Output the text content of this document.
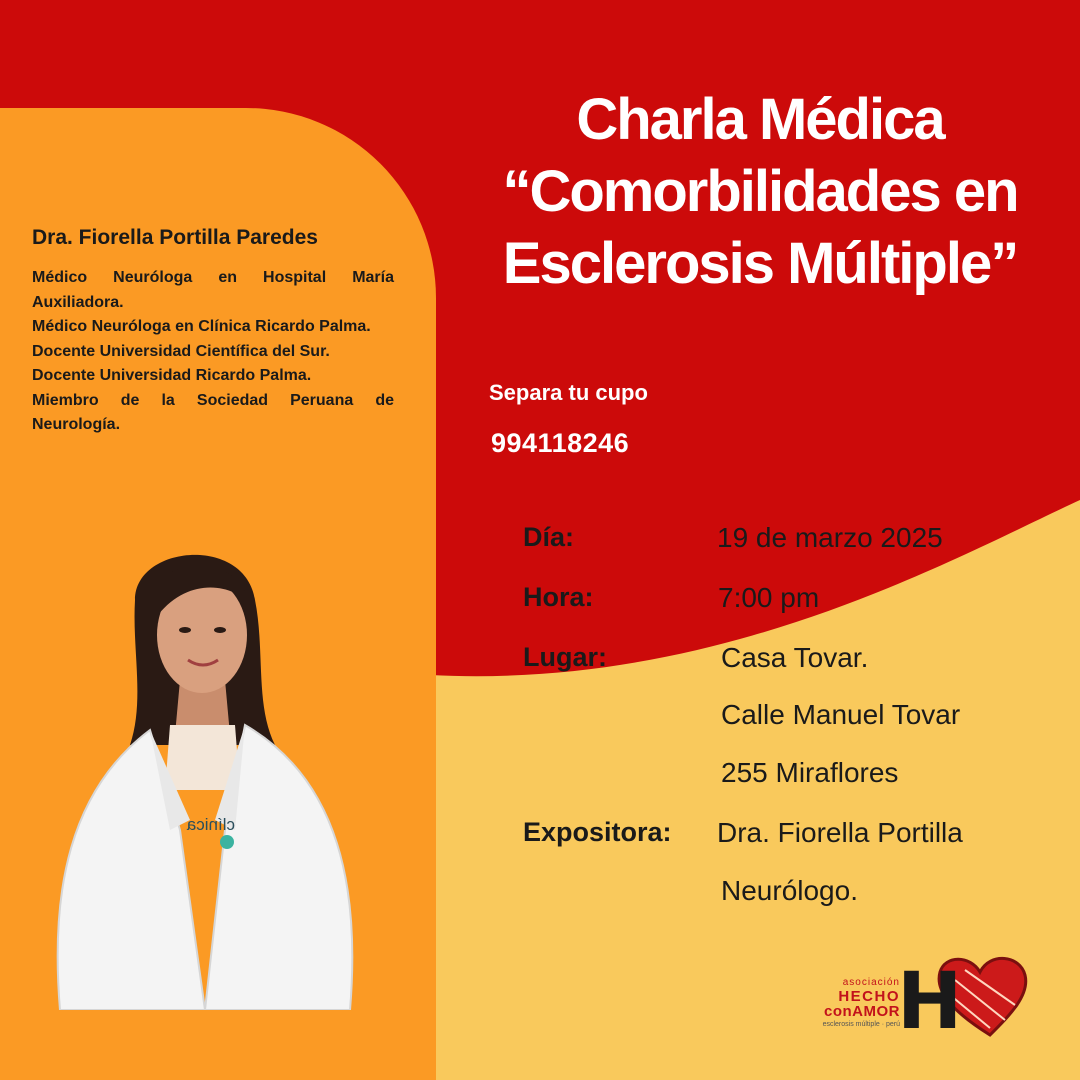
Dra. Fiorella Portilla Paredes
Médico Neuróloga en Hospital María Auxiliadora.
Médico Neuróloga en Clínica Ricardo Palma.
Docente Universidad Científica del Sur.
Docente Universidad Ricardo Palma.
Miembro de la Sociedad Peruana de Neurología.
clínica
Charla Médica
“Comorbilidades en
Esclerosis Múltiple”
Separa tu cupo
994118246
Día:	19 de marzo 2025
Hora:	7:00 pm
Lugar:	Casa Tovar.
Calle Manuel Tovar
255 Miraflores
Expositora: Dra. Fiorella Portilla
Neurólogo.
asociación
HECHO
conAMOR
esclerosis múltiple · perú
H
